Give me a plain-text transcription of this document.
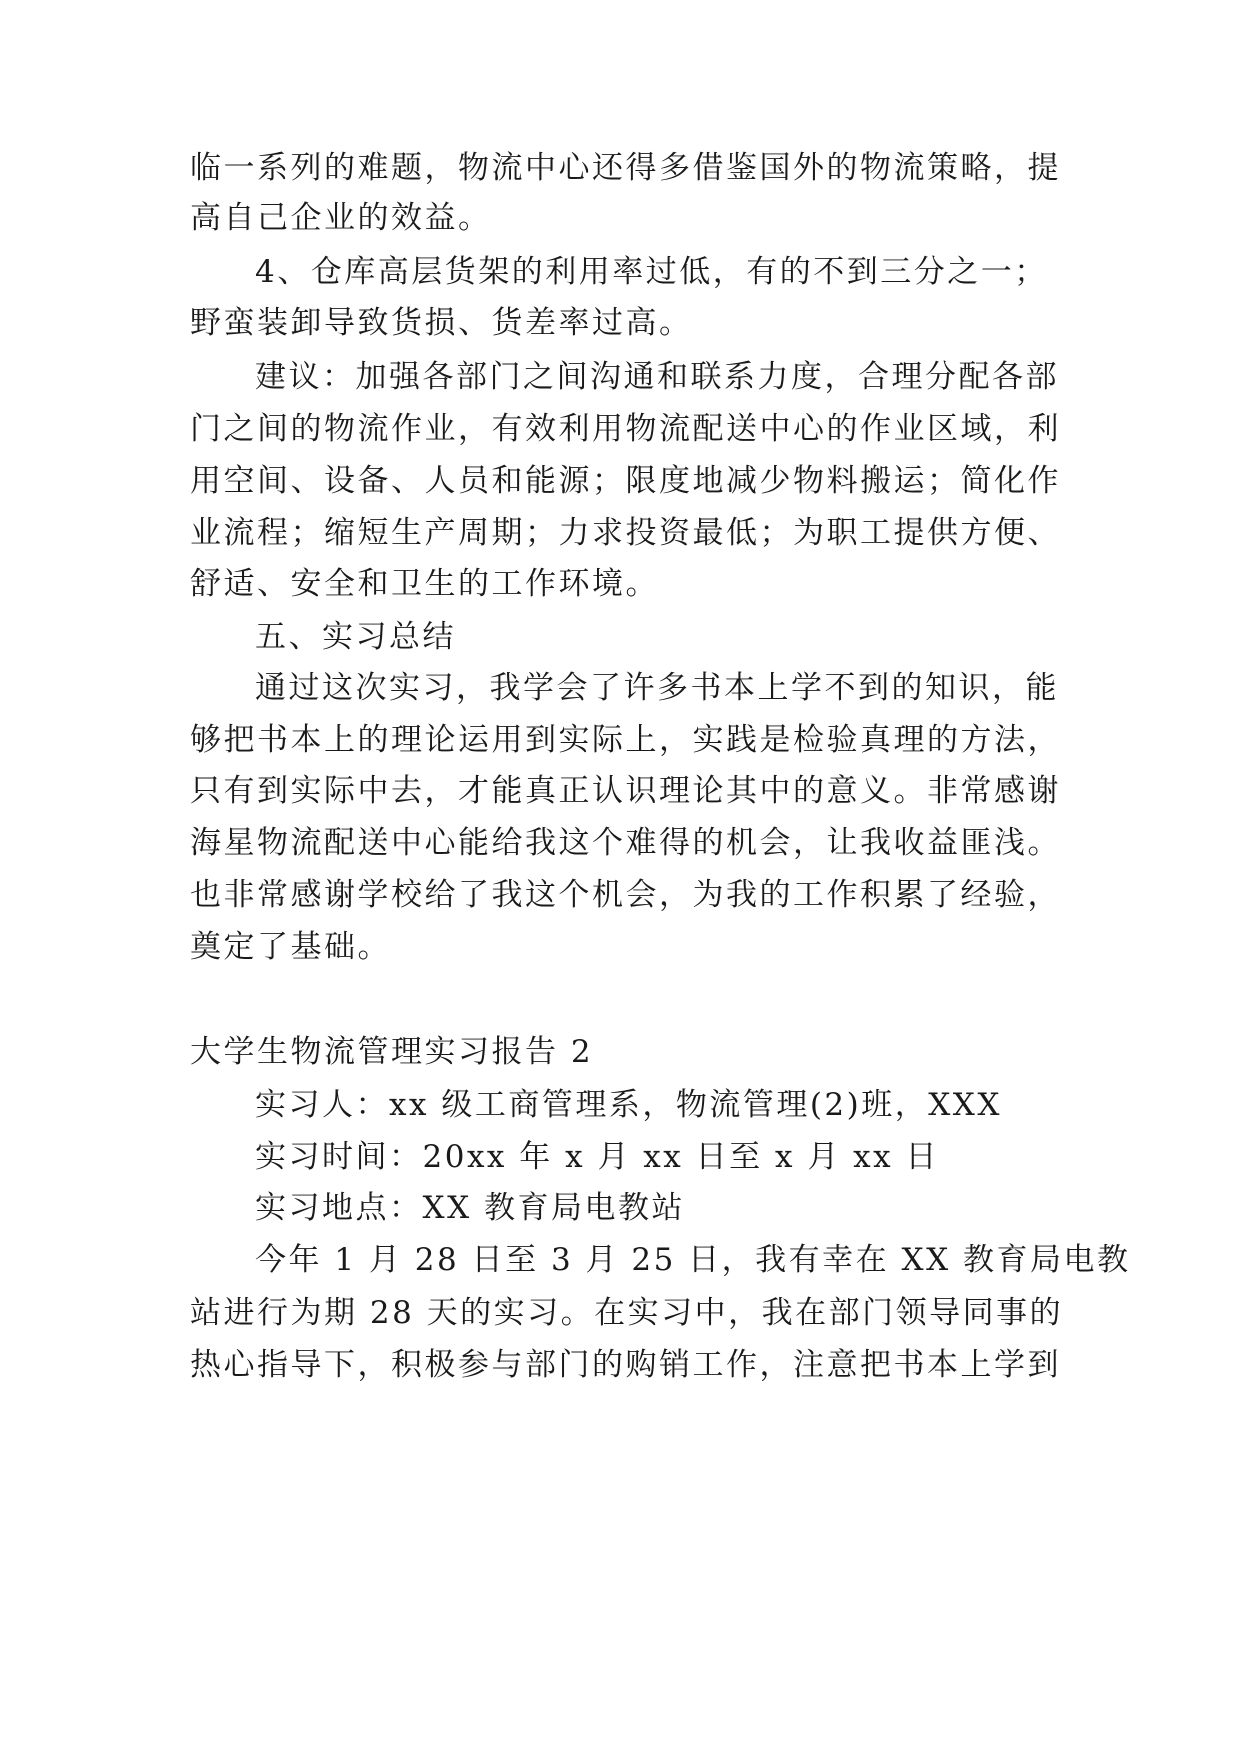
临一系列的难题，物流中心还得多借鉴国外的物流策略，提
高自己企业的效益。
4、仓库高层货架的利用率过低，有的不到三分之一；
野蛮装卸导致货损、货差率过高。
建议：加强各部门之间沟通和联系力度，合理分配各部
门之间的物流作业，有效利用物流配送中心的作业区域，利
用空间、设备、人员和能源；限度地减少物料搬运；简化作
业流程；缩短生产周期；力求投资最低；为职工提供方便、
舒适、安全和卫生的工作环境。
五、实习总结
通过这次实习，我学会了许多书本上学不到的知识，能
够把书本上的理论运用到实际上，实践是检验真理的方法，
只有到实际中去，才能真正认识理论其中的意义。非常感谢
海星物流配送中心能给我这个难得的机会，让我收益匪浅。
也非常感谢学校给了我这个机会，为我的工作积累了经验，
奠定了基础。
大学生物流管理实习报告 2
实习人：xx 级工商管理系，物流管理(2)班，XXX
实习时间：20xx 年 x 月 xx 日至 x 月 xx 日
实习地点：XX 教育局电教站
今年 1 月 28 日至 3 月 25 日，我有幸在 XX 教育局电教
站进行为期 28 天的实习。在实习中，我在部门领导同事的
热心指导下，积极参与部门的购销工作，注意把书本上学到
